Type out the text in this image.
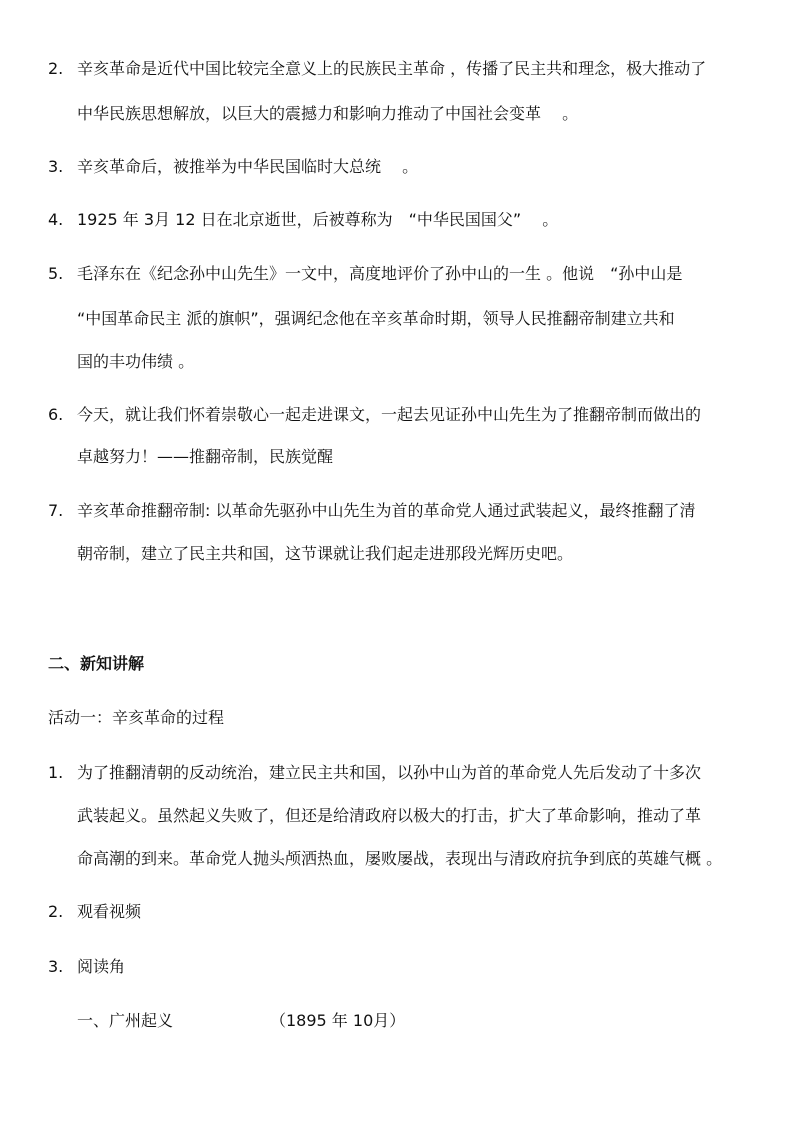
2. 辛亥革命是近代中国比较完全意义上的民族民主革命 ，传播了民主共和理念，极大推动了
中华民族思想解放，以巨大的震撼力和影响力推动了中国社会变革　 。
3. 辛亥革命后，被推举为中华民国临时大总统　 。
4. 1925 年 3月 12 日在北京逝世，后被尊称为　“中华民国国父”　 。
5. 毛泽东在《纪念孙中山先生》一文中，高度地评价了孙中山的一生 。他说　“孙中山是
“中国革命民主 派的旗帜”，强调纪念他在辛亥革命时期，领导人民推翻帝制建立共和
国的丰功伟绩 。
6. 今天，就让我们怀着崇敬心一起走进课文，一起去见证孙中山先生为了推翻帝制而做出的
卓越努力！——推翻帝制，民族觉醒
7. 辛亥革命推翻帝制: 以革命先驱孙中山先生为首的革命党人通过武装起义，最终推翻了清
朝帝制，建立了民主共和国，这节课就让我们起走进那段光辉历史吧。
二、新知讲解
活动一：辛亥革命的过程
1. 为了推翻清朝的反动统治，建立民主共和国，以孙中山为首的革命党人先后发动了十多次
武装起义。虽然起义失败了，但还是给清政府以极大的打击，扩大了革命影响，推动了革
命高潮的到来。革命党人抛头颅洒热血，屡败屡战，表现出与清政府抗争到底的英雄气概 。
2. 观看视频
3. 阅读角
一、广州起义	（1895 年 10月）
